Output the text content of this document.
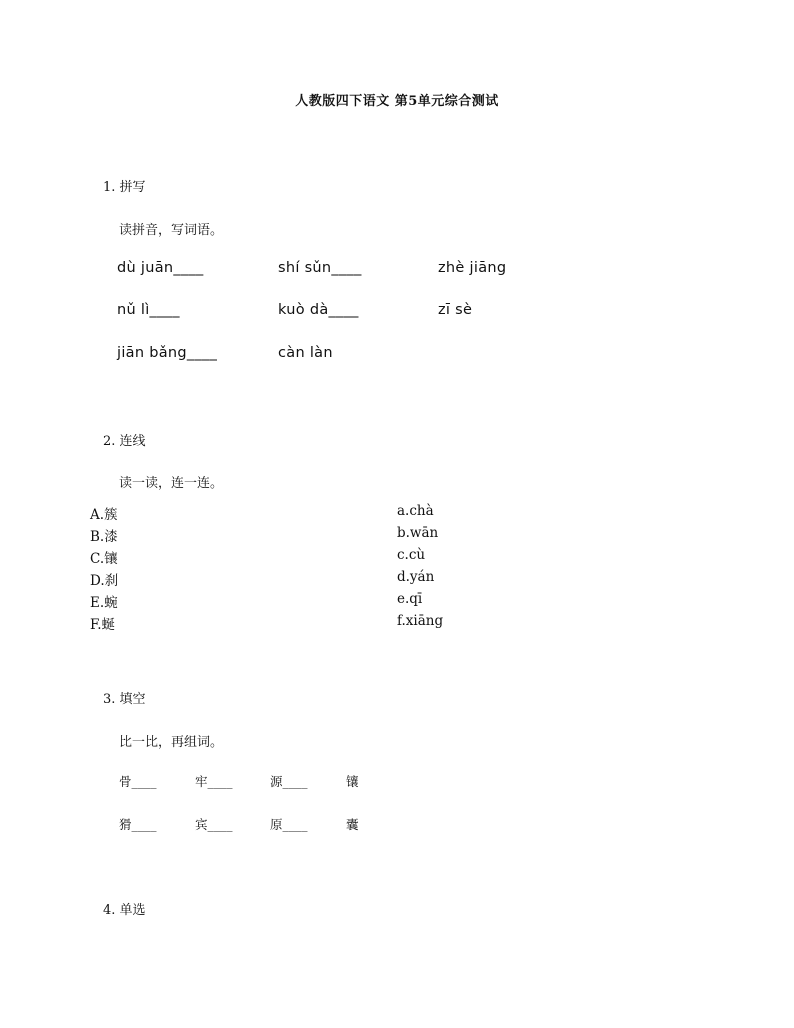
人教版四下语文 第5单元综合测试
1. 拼写
读拼音，写词语。
dù juān____	shí sǔn____	zhè jiāng
nǔ lì____	kuò dà____	zī sè
jiān bǎng____	càn làn
2. 连线
读一读，连一连。
A.簇
B.漆
C.镶
D.刹
E.蜿
F.蜒
a.chà
b.wān
c.cù
d.yán
e.qī
f.xiāng
3. 填空
比一比，再组词。
骨____	牢____	源____	镶
猾____	宾____	原____	囊
4. 单选
